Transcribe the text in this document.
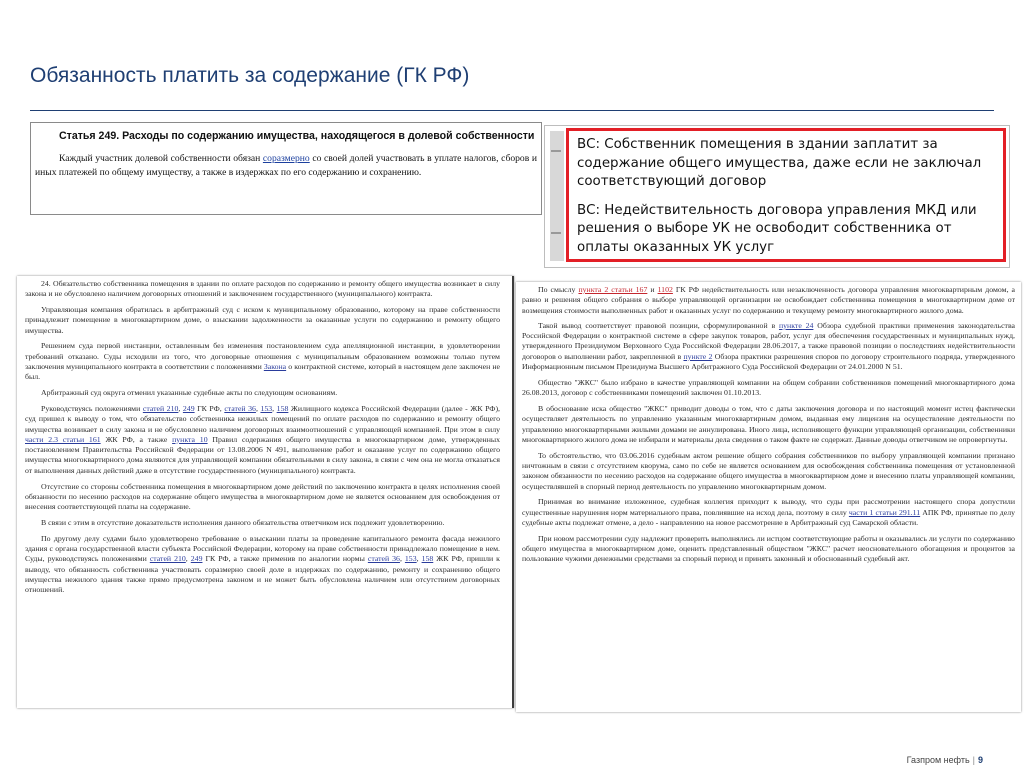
Обязанность платить за содержание (ГК РФ)

Статья 249. Расходы по содержанию имущества, находящегося в долевой собственности

Каждый участник долевой собственности обязан соразмерно со своей долей участвовать в уплате налогов, сборов и иных платежей по общему имуществу, а также в издержках по его содержанию и сохранению.

ВС: Собственник помещения в здании заплатит за содержание общего имущества, даже если не заключал соответствующий договор

ВС: Недействительность договора управления МКД или решения о выборе УК не освободит собственника от оплаты оказанных УК услуг

24. Обязательство собственника помещения в здании по оплате расходов по содержанию и ремонту общего имущества возникает в силу закона и не обусловлено наличием договорных отношений и заключением государственного (муниципального) контракта.

Управляющая компания обратилась в арбитражный суд с иском к муниципальному образованию, которому на праве собственности принадлежит помещение в многоквартирном доме, о взыскании задолженности за оказанные услуги по содержанию и ремонту общего имущества.

Решением суда первой инстанции, оставленным без изменения постановлением суда апелляционной инстанции, в удовлетворении требований отказано. Суды исходили из того, что договорные отношения с муниципальным образованием возможны только путем заключения муниципального контракта в соответствии с положениями Закона о контрактной системе, который в настоящем деле заключен не был.

Арбитражный суд округа отменил указанные судебные акты по следующим основаниям.

Руководствуясь положениями статей 210, 249 ГК РФ, статей 36, 153, 158 Жилищного кодекса Российской Федерации (далее - ЖК РФ), суд пришел к выводу о том, что обязательство собственника нежилых помещений по оплате расходов по содержанию и ремонту общего имущества возникает в силу закона и не обусловлено наличием договорных взаимоотношений с управляющей компанией. При этом в силу части 2.3 статьи 161 ЖК РФ, а также пункта 10 Правил содержания общего имущества в многоквартирном доме, утвержденных постановлением Правительства Российской Федерации от 13.08.2006 N 491, выполнение работ и оказание услуг по содержанию общего имущества многоквартирного дома являются для управляющей компании обязательными в силу закона, в связи с чем она не могла отказаться от выполнения данных действий даже в отсутствие государственного (муниципального) контракта.

Отсутствие со стороны собственника помещения в многоквартирном доме действий по заключению контракта в целях исполнения своей обязанности по несению расходов на содержание общего имущества в многоквартирном доме не является основанием для освобождения от внесения соответствующей платы на содержание.

В связи с этим в отсутствие доказательств исполнения данного обязательства ответчиком иск подлежит удовлетворению.

По другому делу судами было удовлетворено требование о взыскании платы за проведение капитального ремонта фасада нежилого здания с органа государственной власти субъекта Российской Федерации, которому на праве собственности принадлежало помещение в нем. Суды, руководствуясь положениями статей 210, 249 ГК РФ, а также применив по аналогии нормы статей 36, 153, 158 ЖК РФ, пришли к выводу, что обязанность собственника участвовать соразмерно своей доле в издержках по содержанию, ремонту и сохранению общего имущества нежилого здания также прямо предусмотрена законом и не может быть обусловлена наличием или отсутствием договорных отношений.

По смыслу пункта 2 статьи 167 и 1102 ГК РФ недействительность или незаключенность договора управления многоквартирным домом, а равно и решения общего собрания о выборе управляющей организации не освобождает собственника помещения в многоквартирном доме от возмещения стоимости выполненных работ и оказанных услуг по содержанию и текущему ремонту многоквартирного жилого дома.

Такой вывод соответствует правовой позиции, сформулированной в пункте 24 Обзора судебной практики применения законодательства Российской Федерации о контрактной системе в сфере закупок товаров, работ, услуг для обеспечения государственных и муниципальных нужд, утвержденного Президиумом Верховного Суда Российской Федерации 28.06.2017, а также правовой позиции о последствиях недействительности договоров о выполнении работ, закрепленной в пункте 2 Обзора практики разрешения споров по договору строительного подряда, утвержденного Информационным письмом Президиума Высшего Арбитражного Суда Российской Федерации от 24.01.2000 N 51.

Общество "ЖКС" было избрано в качестве управляющей компании на общем собрании собственников помещений многоквартирного дома 26.08.2013, договор с собственниками помещений заключен 01.10.2013.

В обоснование иска общество "ЖКС" приводит доводы о том, что с даты заключения договора и по настоящий момент истец фактически осуществляет деятельность по управлению указанным многоквартирным домом, выданная ему лицензия на осуществление деятельности по управлению многоквартирными жилыми домами не аннулирована. Иного лица, исполняющего функции управляющей организации, собственники многоквартирного жилого дома не избирали и материалы дела сведения о таком факте не содержат. Данные доводы ответчиком не опровергнуты.

То обстоятельство, что 03.06.2016 судебным актом решение общего собрания собственников по выбору управляющей компании признано ничтожным в связи с отсутствием кворума, само по себе не является основанием для освобождения собственника помещения от установленной законом обязанности по несению расходов на содержание общего имущества в многоквартирном доме и внесению платы управляющей компании, осуществлявшей в спорный период деятельность по управлению многоквартирным домом.

Принимая во внимание изложенное, судебная коллегия приходит к выводу, что суды при рассмотрении настоящего спора допустили существенные нарушения норм материального права, повлиявшие на исход дела, поэтому в силу части 1 статьи 291.11 АПК РФ, принятые по делу судебные акты подлежат отмене, а дело - направлению на новое рассмотрение в Арбитражный суд Самарской области.

При новом рассмотрении суду надлежит проверить выполнялись ли истцом соответствующие работы и оказывались ли услуги по содержанию общего имущества в многоквартирном доме, оценить представленный обществом "ЖКС" расчет неосновательного обогащения и процентов за пользование чужими денежными средствами за спорный период и принять законный и обоснованный судебный акт.

Газпром нефть | 9
